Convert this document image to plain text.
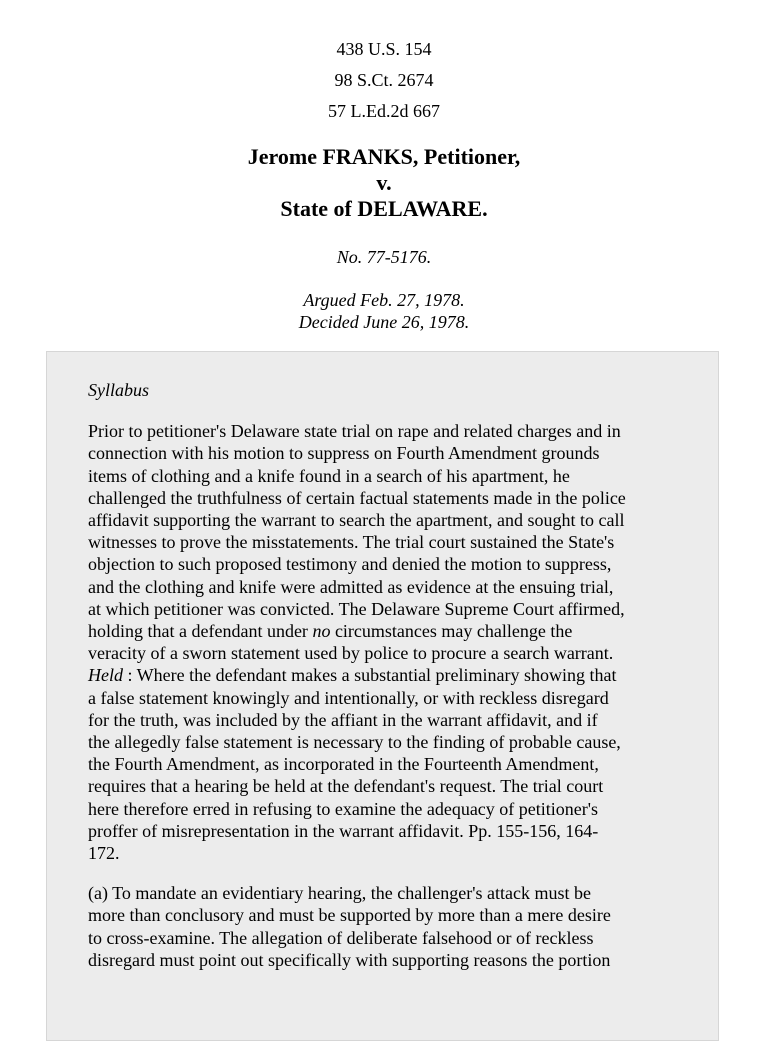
438 U.S. 154
98 S.Ct. 2674
57 L.Ed.2d 667
Jerome FRANKS, Petitioner,
v.
State of DELAWARE.
No. 77-5176.
Argued Feb. 27, 1978.
Decided June 26, 1978.
Syllabus
Prior to petitioner's Delaware state trial on rape and related charges and in
connection with his motion to suppress on Fourth Amendment grounds
items of clothing and a knife found in a search of his apartment, he
challenged the truthfulness of certain factual statements made in the police
affidavit supporting the warrant to search the apartment, and sought to call
witnesses to prove the misstatements. The trial court sustained the State's
objection to such proposed testimony and denied the motion to suppress,
and the clothing and knife were admitted as evidence at the ensuing trial,
at which petitioner was convicted. The Delaware Supreme Court affirmed,
holding that a defendant under no circumstances may challenge the
veracity of a sworn statement used by police to procure a search warrant.
Held : Where the defendant makes a substantial preliminary showing that
a false statement knowingly and intentionally, or with reckless disregard
for the truth, was included by the affiant in the warrant affidavit, and if
the allegedly false statement is necessary to the finding of probable cause,
the Fourth Amendment, as incorporated in the Fourteenth Amendment,
requires that a hearing be held at the defendant's request. The trial court
here therefore erred in refusing to examine the adequacy of petitioner's
proffer of misrepresentation in the warrant affidavit. Pp. 155-156, 164-
172.
(a) To mandate an evidentiary hearing, the challenger's attack must be
more than conclusory and must be supported by more than a mere desire
to cross-examine. The allegation of deliberate falsehood or of reckless
disregard must point out specifically with supporting reasons the portion
